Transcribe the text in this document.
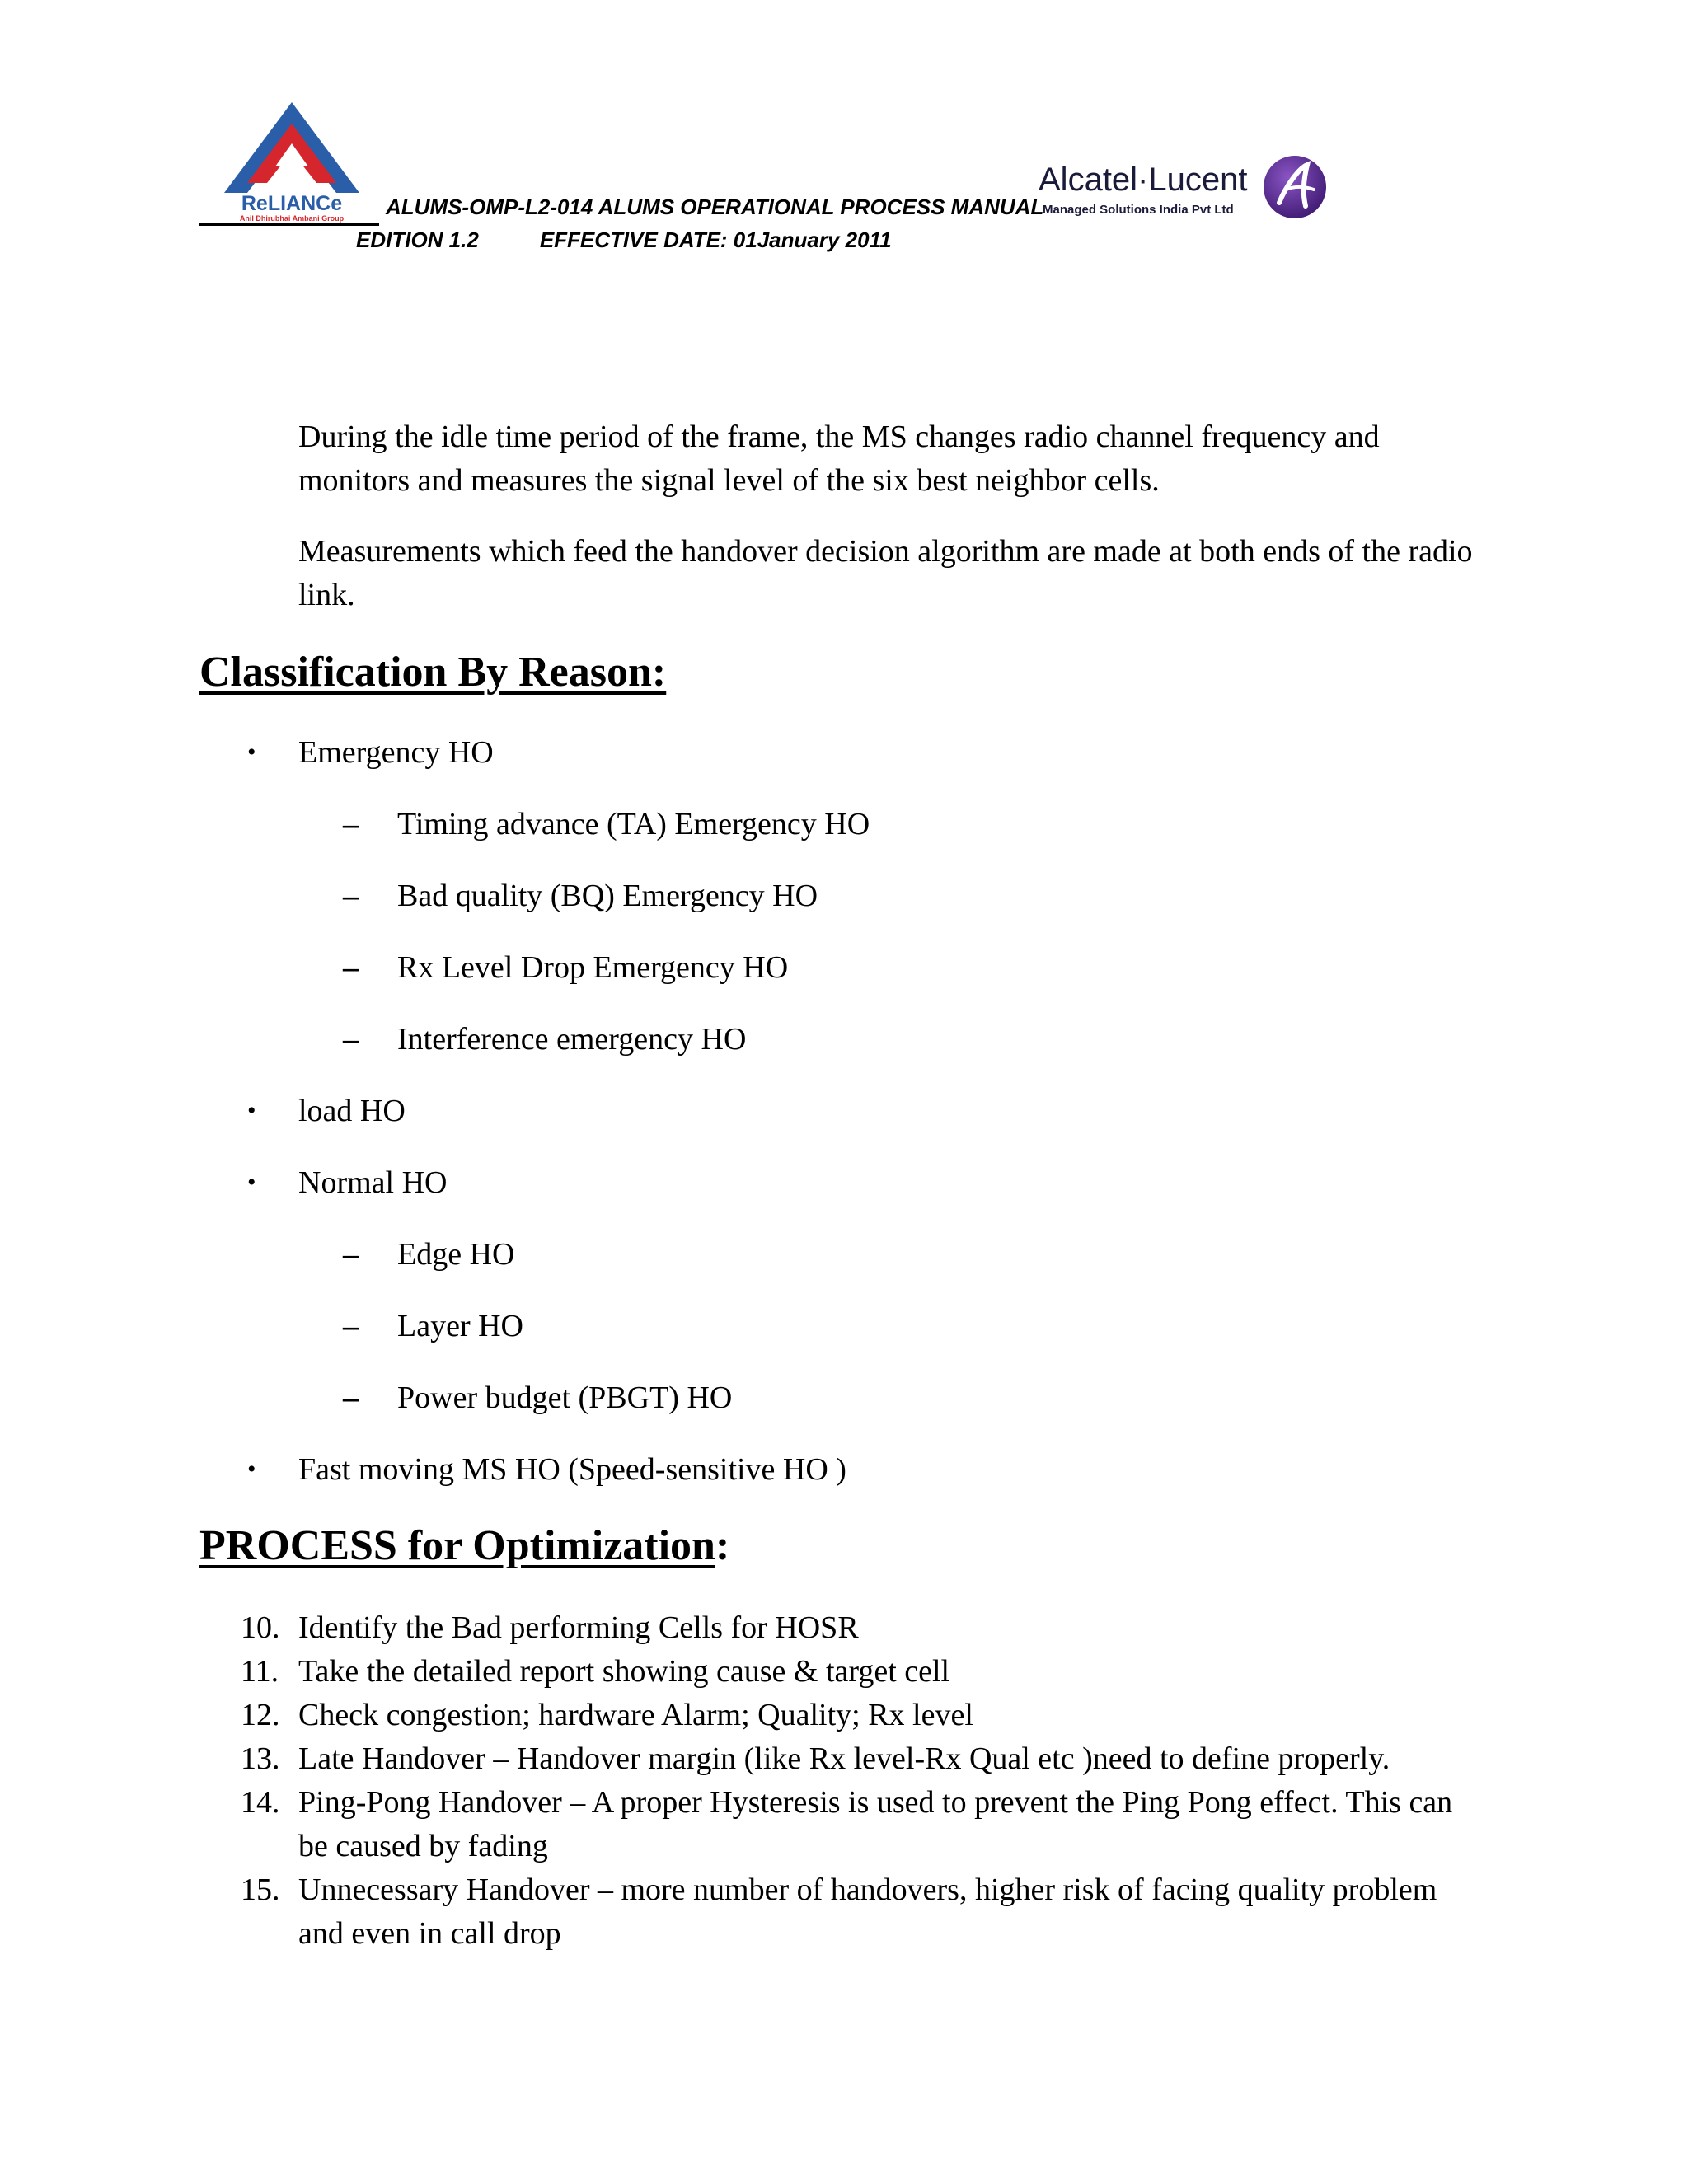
ReLIANCe
Anil Dhirubhai Ambani Group ALUMS-OMP-L2-014 ALUMS OPERATIONAL PROCESS MANUAL
EDITION 1.2	EFFECTIVE DATE: 01January 2011
Alcatel·Lucent
Managed Solutions India Pvt Ltd

During the idle time period of the frame, the MS changes radio channel frequency and monitors and measures the signal level of the six best neighbor cells.

Measurements which feed the handover decision algorithm are made at both ends of the radio link.

Classification By Reason:
• Emergency HO
– Timing advance (TA) Emergency HO
– Bad quality (BQ) Emergency HO
– Rx Level Drop Emergency HO
– Interference emergency HO
• load HO
• Normal HO
– Edge HO
– Layer HO
– Power budget (PBGT) HO
• Fast moving MS HO (Speed-sensitive HO )
PROCESS for Optimization:
10. Identify the Bad performing Cells for HOSR
11. Take the detailed report showing cause & target cell
12. Check congestion; hardware Alarm; Quality; Rx level
13. Late Handover – Handover margin (like Rx level-Rx Qual etc )need to define properly.
14. Ping-Pong Handover – A proper Hysteresis is used to prevent the Ping Pong effect. This can be caused by fading
15. Unnecessary Handover – more number of handovers, higher risk of facing quality problem and even in call drop
